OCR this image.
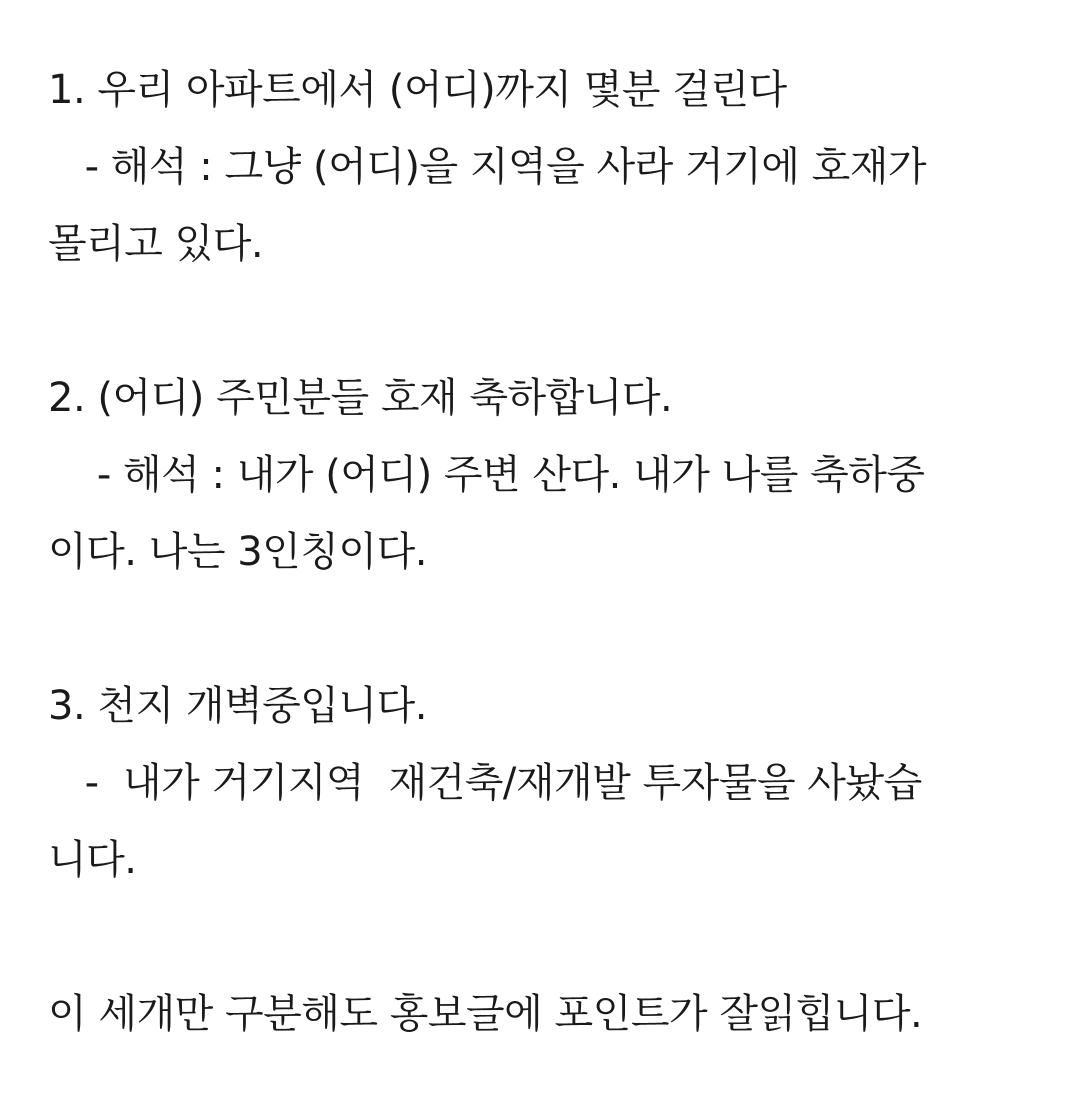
1. 우리 아파트에서 (어디)까지 몇분 걸린다
- 해석 : 그냥 (어디)을 지역을 사라 거기에 호재가
몰리고 있다.
2. (어디) 주민분들 호재 축하합니다.
- 해석 : 내가 (어디) 주변 산다. 내가 나를 축하중
이다. 나는 3인칭이다.
3. 천지 개벽중입니다.
-  내가 거기지역  재건축/재개발 투자물을 사놨습
니다.
이 세개만 구분해도 홍보글에 포인트가 잘읽힙니다.
